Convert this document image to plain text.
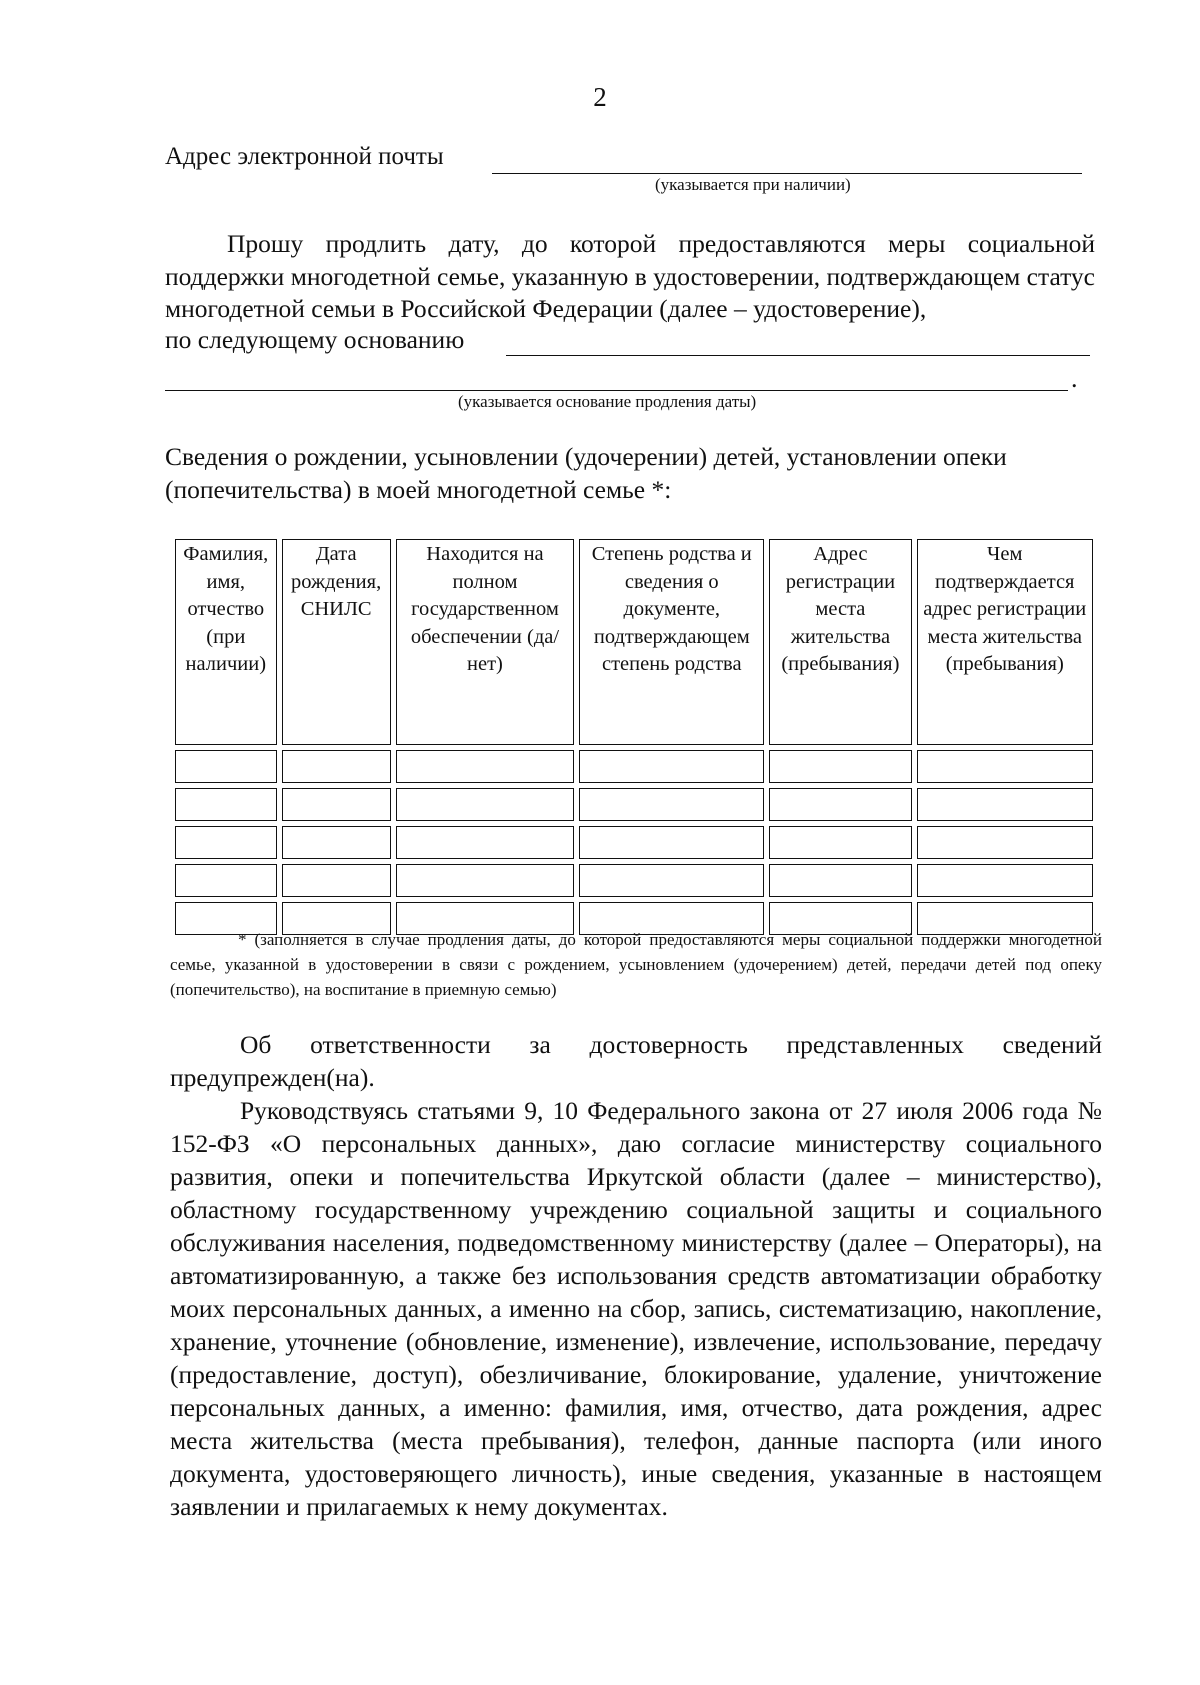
2
Адрес электронной почты
(указывается при наличии)
Прошу продлить дату, до которой предоставляются меры социальной поддержки многодетной семье, указанную в удостоверении, подтверждающем статус многодетной семьи в Российской Федерации (далее – удостоверение),
по следующему основанию
.
(указывается основание продления даты)
Сведения о рождении, усыновлении (удочерении) детей, установлении опеки (попечительства) в моей многодетной семье *:
Фамилия, имя, отчество (при наличии)	Дата рождения, СНИЛС	Находится на полном государственном обеспечении (да/нет)	Степень родства и сведения о документе, подтверждающем степень родства	Адрес регистрации места жительства (пребывания)	Чем подтверждается адрес регистрации места жительства (пребывания)

* (заполняется в случае продления даты, до которой предоставляются меры социальной поддержки многодетной семье, указанной в удостоверении в связи с рождением, усыновлением (удочерением) детей, передачи детей под опеку (попечительство), на воспитание в приемную семью)
Об ответственности за достоверность представленных сведений предупрежден(на).
Руководствуясь статьями 9, 10 Федерального закона от 27 июля 2006 года № 152-ФЗ «О персональных данных», даю согласие министерству социального развития, опеки и попечительства Иркутской области (далее – министерство), областному государственному учреждению социальной защиты и социального обслуживания населения, подведомственному министерству (далее – Операторы), на автоматизированную, а также без использования средств автоматизации обработку моих персональных данных, а именно на сбор, запись, систематизацию, накопление, хранение, уточнение (обновление, изменение), извлечение, использование, передачу (предоставление, доступ), обезличивание, блокирование, удаление, уничтожение персональных данных, а именно: фамилия, имя, отчество, дата рождения, адрес места жительства (места пребывания), телефон, данные паспорта (или иного документа, удостоверяющего личность), иные сведения, указанные в настоящем заявлении и прилагаемых к нему документах.
